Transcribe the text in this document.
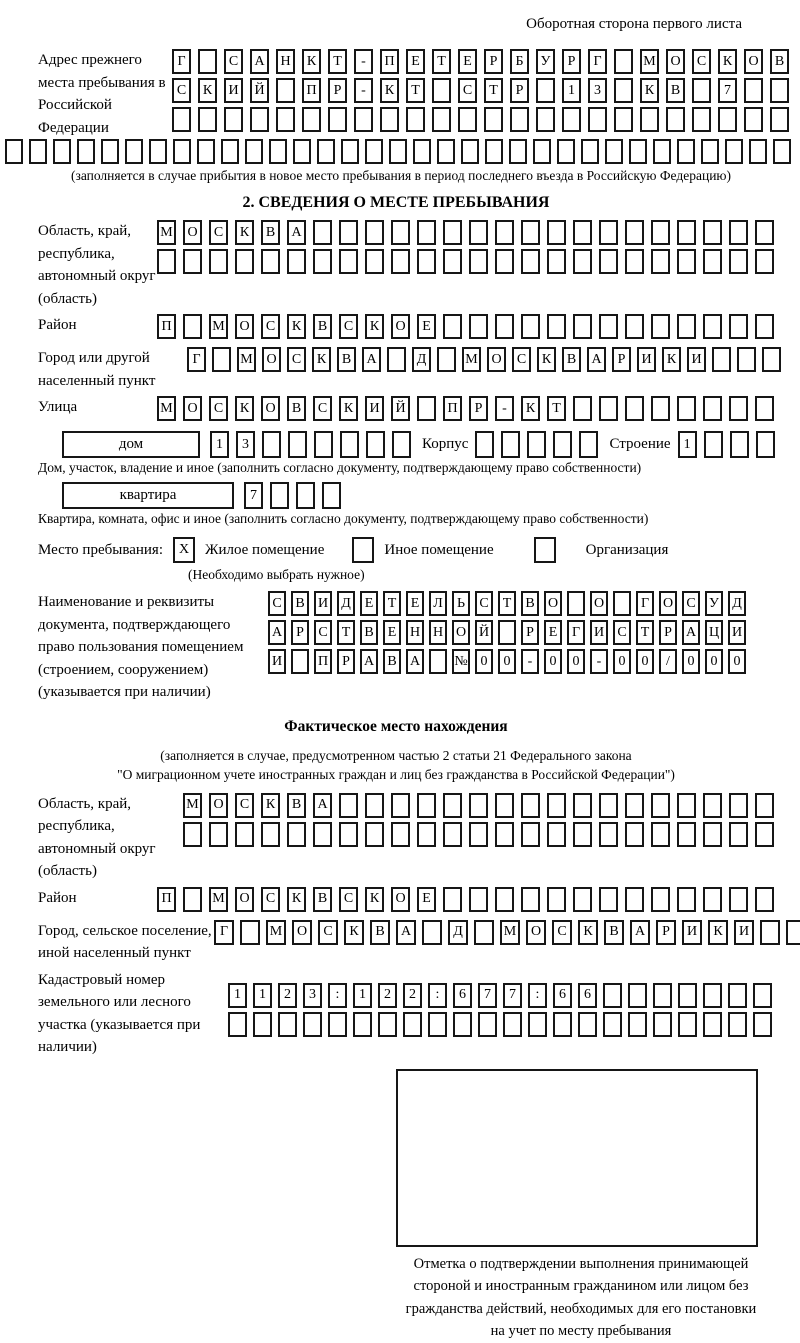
Оборотная сторона первого листа
Адрес прежнего места пребывания в Российской Федерации
Г	С	А	Н	К	Т	-	П	Е	Т	Е	Р	Б	У	Р	Г	М	О	С	К	О	В
С	К	И	Й	П	Р	-	К	Т	С	Т	Р	1	3	К	В	7
(заполняется в случае прибытия в новое место пребывания в период последнего въезда в Российскую Федерацию)
2. СВЕДЕНИЯ О МЕСТЕ ПРЕБЫВАНИЯ
Область, край, республика, автономный округ (область)
М	О	С	К	В	А
Район	П	М	О	С	К	В	С	К	О	Е
Город или другой населенный пункт
Г	М О	С	К	В	А	Д	М О	С	К	В	А	Р	И	К	И
Улица	М	О	С	К	О	В	С	К	И	Й	П	Р	-	К	Т
дом	1	3	Корпус	Строение 1
Дом, участок, владение и иное (заполнить согласно документу, подтверждающему право собственности)
квартира	7
Квартира, комната, офис и иное (заполнить согласно документу, подтверждающему право собственности)
Место пребывания:	X	Жилое помещение	Иное помещение	Организация
(Необходимо выбрать нужное)
Наименование и реквизиты документа, подтверждающего право пользования помещением (строением, сооружением) (указывается при наличии)
С В И Д Е	Т	Е Л	Ь	С	Т	В О	О	Г О С У Д
А	Р	С	Т	В	Е Н Н О Й	Р	Е	Г И С	Т	Р	А Ц И
И	П	Р	А В А № 0	0	-	0	0	-	0	0	/	0	0	0
Фактическое место нахождения
(заполняется в случае, предусмотренном частью 2 статьи 21 Федерального закона
"О миграционном учете иностранных граждан и лиц без гражданства в Российской Федерации")
Область, край, республика, автономный округ (область)
М	О	С	К	В	А
Район	П	М	О	С	К	В	С	К	О	Е
Город, сельское поселение, иной населенный пункт
Г	М	О	С	К	В	А	Д	М	О	С	К	В	А	Р	И	К	И
Кадастровый номер земельного или лесного участка (указывается при наличии)
1	1	2	3	:	1	2	2	:	6	7	7	:	6	6
Отметка о подтверждении выполнения принимающей
стороной и иностранным гражданином или лицом без
гражданства действий, необходимых для его постановки
на учет по месту пребывания
